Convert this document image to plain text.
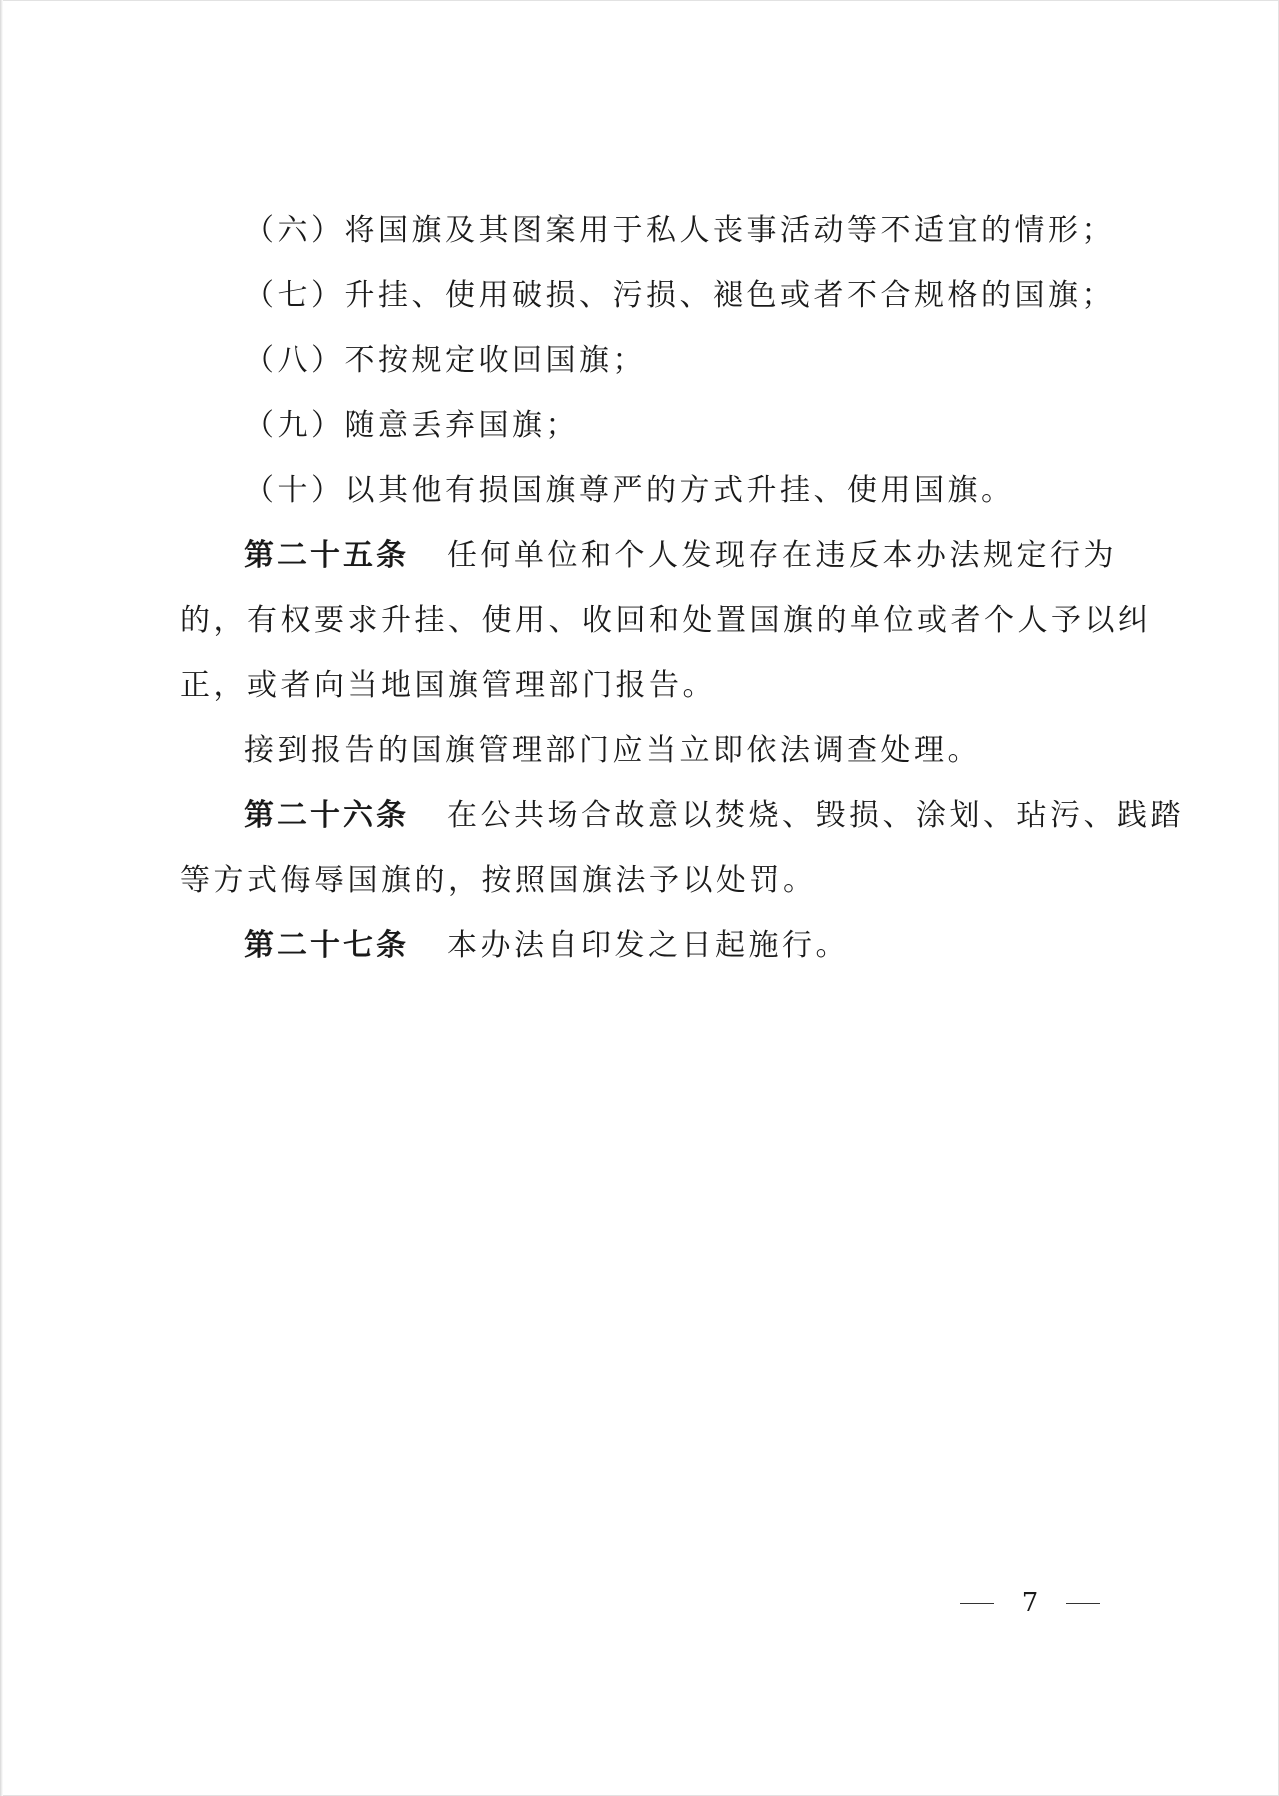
（六）将国旗及其图案用于私人丧事活动等不适宜的情形；
（七）升挂、使用破损、污损、褪色或者不合规格的国旗；
（八）不按规定收回国旗；
（九）随意丢弃国旗；
（十）以其他有损国旗尊严的方式升挂、使用国旗。
第二十五条 任何单位和个人发现存在违反本办法规定行为
的，有权要求升挂、使用、收回和处置国旗的单位或者个人予以纠
正，或者向当地国旗管理部门报告。
接到报告的国旗管理部门应当立即依法调查处理。
第二十六条 在公共场合故意以焚烧、毁损、涂划、玷污、践踏
等方式侮辱国旗的，按照国旗法予以处罚。
第二十七条 本办法自印发之日起施行。
7
